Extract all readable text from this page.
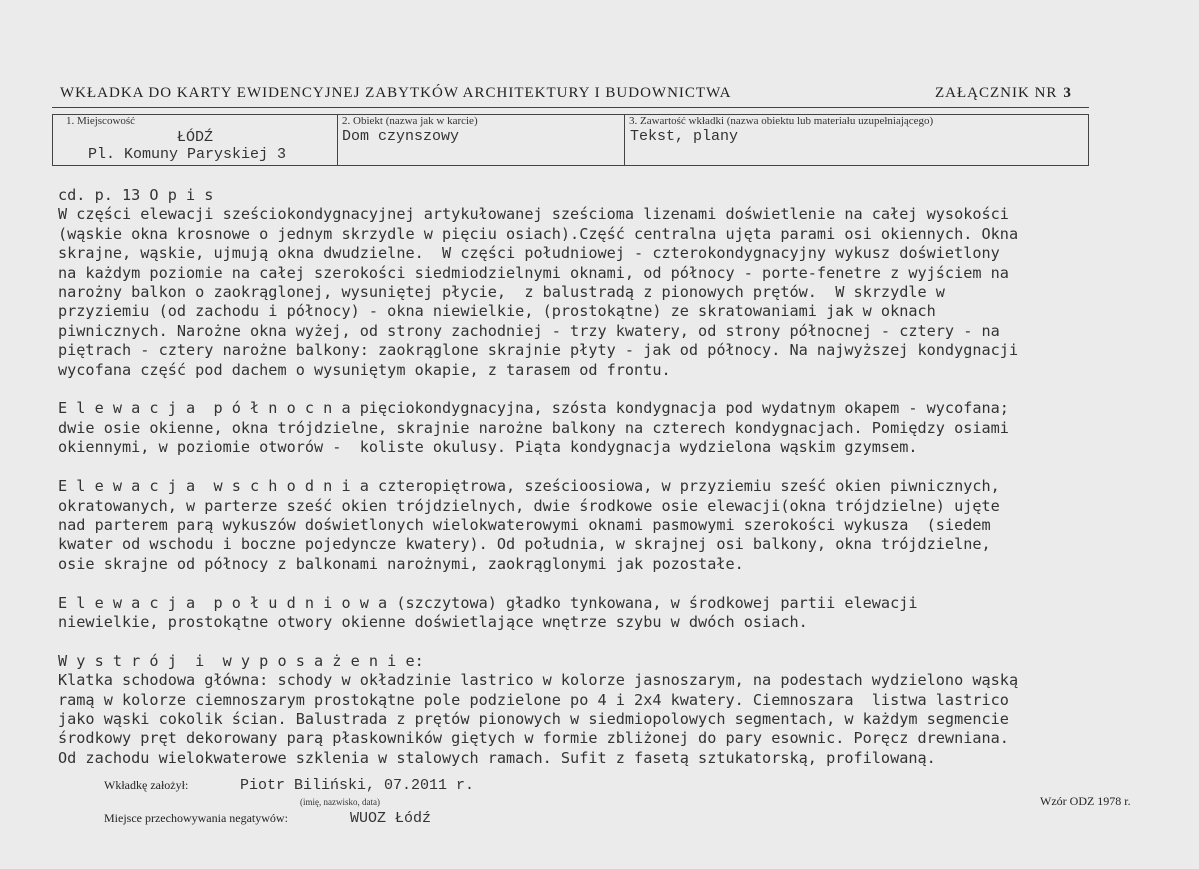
WKŁADKA DO KARTY EWIDENCYJNEJ ZABYTKÓW ARCHITEKTURY I BUDOWNICTWA	ZAŁĄCZNIK NR 3
1. Miejscowość
ŁÓDŹ
Pl. Komuny Paryskiej 3
2. Obiekt (nazwa jak w karcie)
Dom czynszowy
3. Zawartość wkładki (nazwa obiektu lub materiału uzupełniającego)
Tekst, plany
cd. p. 13 O p i s
W części elewacji sześciokondygnacyjnej artykułowanej sześcioma lizenami doświetlenie na całej wysokości
(wąskie okna krosnowe o jednym skrzydle w pięciu osiach).Część centralna ujęta parami osi okiennych. Okna
skrajne, wąskie, ujmują okna dwudzielne.  W części południowej - czterokondygnacyjny wykusz doświetlony
na każdym poziomie na całej szerokości siedmiodzielnymi oknami, od północy - porte-fenetre z wyjściem na
narożny balkon o zaokrąglonej, wysuniętej płycie,  z balustradą z pionowych prętów.  W skrzydle w
przyziemiu (od zachodu i północy) - okna niewielkie, (prostokątne) ze skratowaniami jak w oknach
piwnicznych. Narożne okna wyżej, od strony zachodniej - trzy kwatery, od strony północnej - cztery - na
piętrach - cztery narożne balkony: zaokrąglone skrajnie płyty - jak od północy. Na najwyższej kondygnacji
wycofana część pod dachem o wysuniętym okapie, z tarasem od frontu.

E l e w a c j a  p ó ł n o c n a pięciokondygnacyjna, szósta kondygnacja pod wydatnym okapem - wycofana;
dwie osie okienne, okna trójdzielne, skrajnie narożne balkony na czterech kondygnacjach. Pomiędzy osiami
okiennymi, w poziomie otworów -  koliste okulusy. Piąta kondygnacja wydzielona wąskim gzymsem.

E l e w a c j a  w s c h o d n i a czteropiętrowa, sześcioosiowa, w przyziemiu sześć okien piwnicznych,
okratowanych, w parterze sześć okien trójdzielnych, dwie środkowe osie elewacji(okna trójdzielne) ujęte
nad parterem parą wykuszów doświetlonych wielokwaterowymi oknami pasmowymi szerokości wykusza  (siedem
kwater od wschodu i boczne pojedyncze kwatery). Od południa, w skrajnej osi balkony, okna trójdzielne,
osie skrajne od północy z balkonami narożnymi, zaokrąglonymi jak pozostałe.

E l e w a c j a  p o ł u d n i o w a (szczytowa) gładko tynkowana, w środkowej partii elewacji
niewielkie, prostokątne otwory okienne doświetlające wnętrze szybu w dwóch osiach.

W y s t r ó j  i  w y p o s a ż e n i e:
Klatka schodowa główna: schody w okładzinie lastrico w kolorze jasnoszarym, na podestach wydzielono wąską
ramą w kolorze ciemnoszarym prostokątne pole podzielone po 4 i 2x4 kwatery. Ciemnoszara  listwa lastrico
jako wąski cokolik ścian. Balustrada z prętów pionowych w siedmiopolowych segmentach, w każdym segmencie
środkowy pręt dekorowany parą płaskowników giętych w formie zbliżonej do pary esownic. Poręcz drewniana.
Od zachodu wielokwaterowe szklenia w stalowych ramach. Sufit z fasetą sztukatorską, profilowaną.
Wkładkę założył:	Piotr Biliński, 07.2011 r.
(imię, nazwisko, data)
Miejsce przechowywania negatywów:	WUOZ Łódź
Wzór ODZ 1978 r.
